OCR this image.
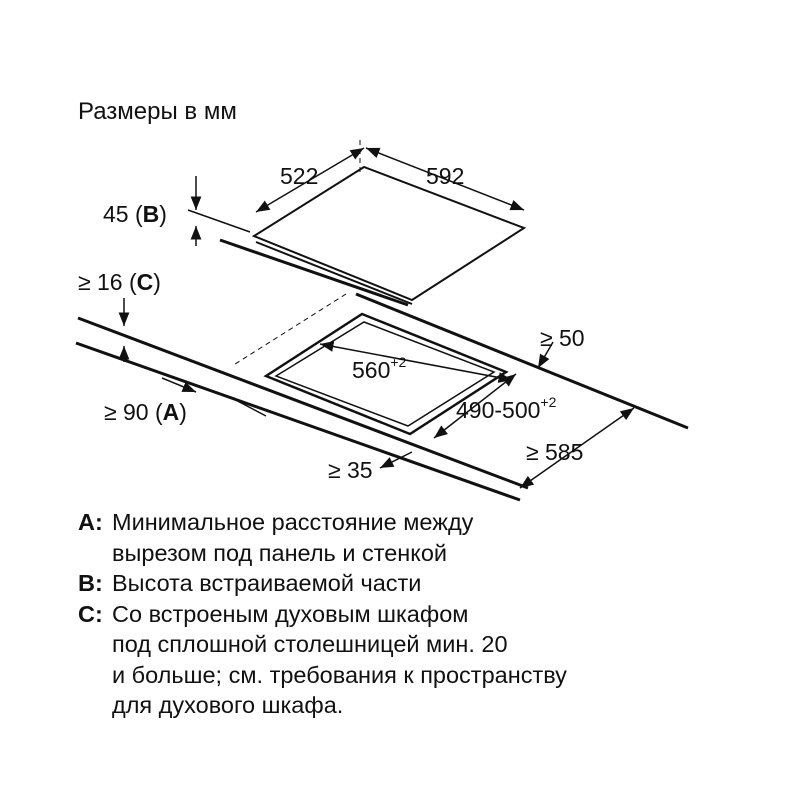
Размеры в мм
522	592
45 (B)
≥ 16 (C)
≥ 50
$560^{+2}$
$490-500^{+2}$
≥ 90 (A)
≥ 35
≥ 585
A: Минимальное расстояние между
вырезом под панель и стенкой
B: Высота встраиваемой части
C: Со встроеным духовым шкафом
под сплошной столешницей мин. 20
и больше; см. требования к пространству
для духового шкафа.
